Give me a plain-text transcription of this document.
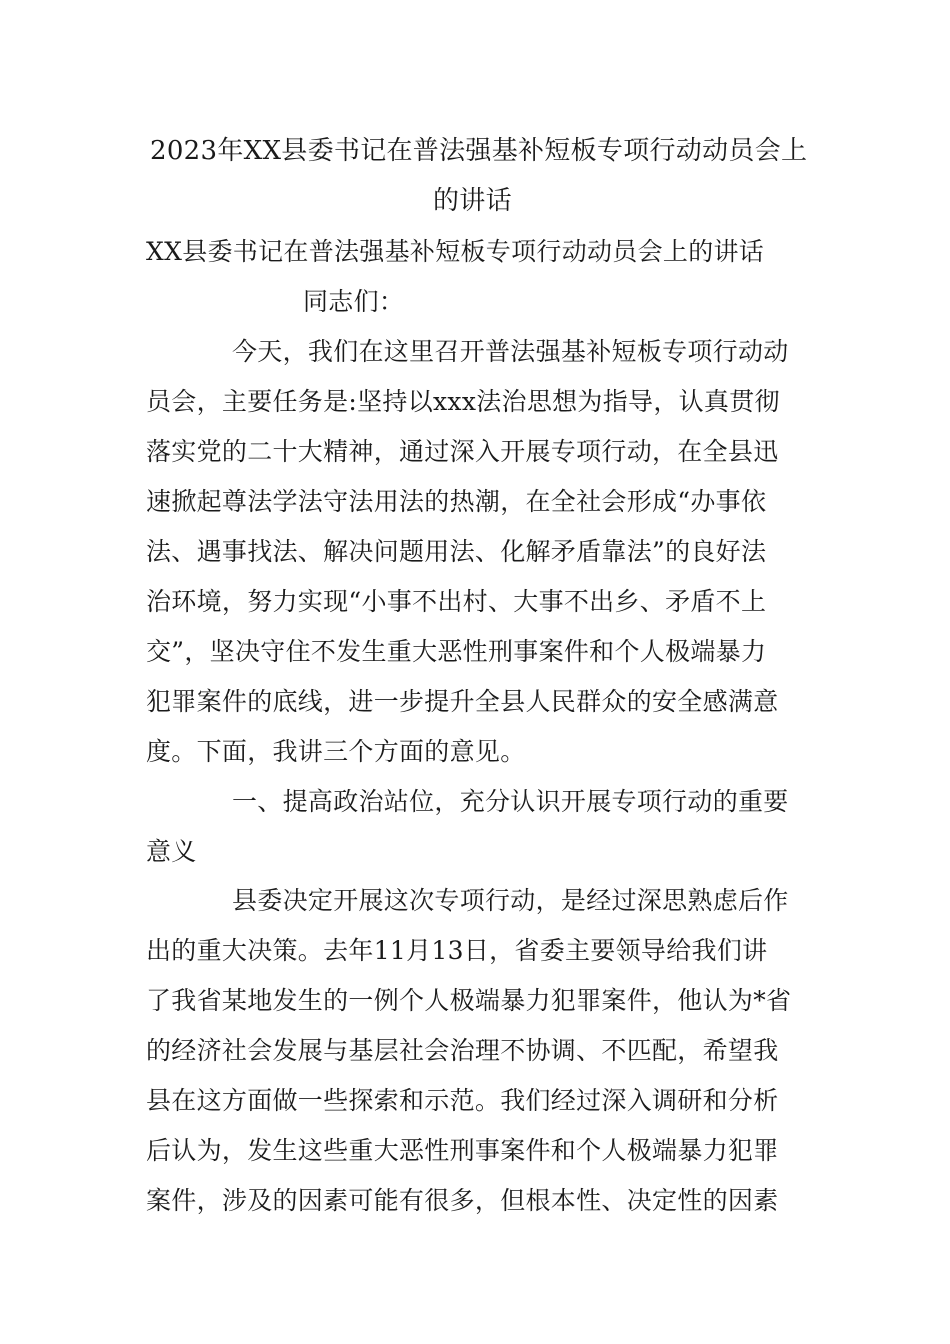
2023年XX县委书记在普法强基补短板专项行动动员会上
的讲话
XX县委书记在普法强基补短板专项行动动员会上的讲话
同志们：
今天，我们在这里召开普法强基补短板专项行动动
员会，主要任务是:坚持以xxx法治思想为指导，认真贯彻
落实党的二十大精神，通过深入开展专项行动，在全县迅
速掀起尊法学法守法用法的热潮，在全社会形成“办事依
法、遇事找法、解决问题用法、化解矛盾靠法”的良好法
治环境，努力实现“小事不出村、大事不出乡、矛盾不上
交”，坚决守住不发生重大恶性刑事案件和个人极端暴力
犯罪案件的底线，进一步提升全县人民群众的安全感满意
度。下面，我讲三个方面的意见。
一、提高政治站位，充分认识开展专项行动的重要
意义
县委决定开展这次专项行动，是经过深思熟虑后作
出的重大决策。去年11月13日，省委主要领导给我们讲
了我省某地发生的一例个人极端暴力犯罪案件，他认为*省
的经济社会发展与基层社会治理不协调、不匹配，希望我
县在这方面做一些探索和示范。我们经过深入调研和分析
后认为，发生这些重大恶性刑事案件和个人极端暴力犯罪
案件，涉及的因素可能有很多，但根本性、决定性的因素
